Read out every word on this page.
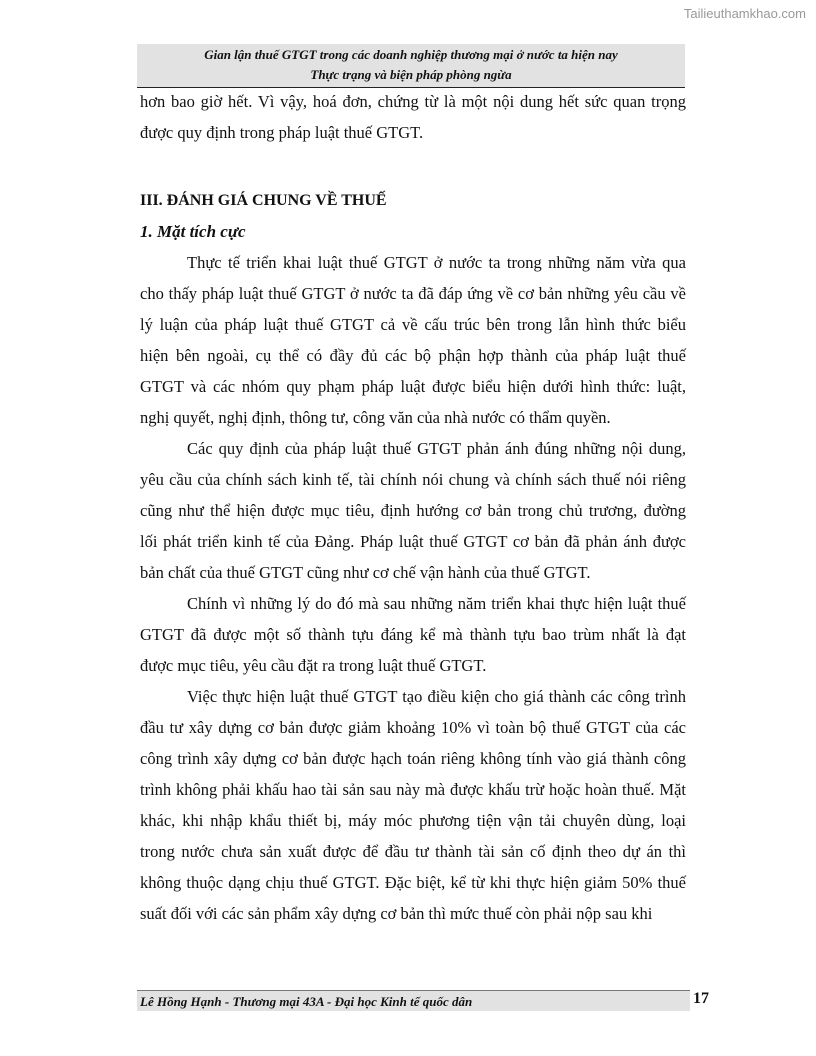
Tailieuthamkhao.com
Gian lận thuế GTGT trong các doanh nghiệp thương mại ở nước ta hiện nay
Thực trạng và biện pháp phòng ngừa
hơn bao giờ hết. Vì vậy, hoá đơn, chứng từ là một nội dung hết sức quan trọng
được quy định trong pháp luật thuế GTGT.
III. ĐÁNH GIÁ CHUNG VỀ THUẾ
1. Mặt tích cực
Thực tế triển khai luật thuế GTGT ở nước ta trong những năm vừa qua
cho thấy pháp luật thuế GTGT ở nước ta đã đáp ứng về cơ bản những yêu cầu về
lý luận của pháp luật thuế GTGT cả về cấu trúc bên trong lẫn hình thức biểu
hiện bên ngoài, cụ thể có đầy đủ các bộ phận hợp thành của pháp luật thuế
GTGT và các nhóm quy phạm pháp luật được biểu hiện dưới hình thức: luật,
nghị quyết, nghị định, thông tư, công văn của nhà nước có thẩm quyền.
Các quy định của pháp luật thuế GTGT phản ánh đúng những nội dung,
yêu cầu của chính sách kinh tế, tài chính nói chung và chính sách thuế nói riêng
cũng như thể hiện được mục tiêu, định hướng cơ bản trong chủ trương, đường
lối phát triển kinh tế của Đảng. Pháp luật thuế GTGT cơ bản đã phản ánh được
bản chất của thuế GTGT cũng như cơ chế vận hành của thuế GTGT.
Chính vì những lý do đó mà sau những năm triển khai thực hiện luật thuế
GTGT đã được một số thành tựu đáng kể mà thành tựu bao trùm nhất là đạt
được mục tiêu, yêu cầu đặt ra trong luật thuế GTGT.
Việc thực hiện luật thuế GTGT tạo điều kiện cho giá thành các công trình
đầu tư xây dựng cơ bản được giảm khoảng 10% vì toàn bộ thuế GTGT của các
công trình xây dựng cơ bản được hạch toán riêng không tính vào giá thành công
trình không phải khấu hao tài sản sau này mà được khấu trừ hoặc hoàn thuế. Mặt
khác, khi nhập khẩu thiết bị, máy móc phương tiện vận tải chuyên dùng, loại
trong nước chưa sản xuất được để đầu tư thành tài sản cố định theo dự án thì
không thuộc dạng chịu thuế GTGT. Đặc biệt, kể từ khi thực hiện giảm 50% thuế
suất đối với các sản phẩm xây dựng cơ bản thì mức thuế còn phải nộp sau khi
Lê Hồng Hạnh - Thương mại 43A - Đại học Kinh tế quốc dân	17
